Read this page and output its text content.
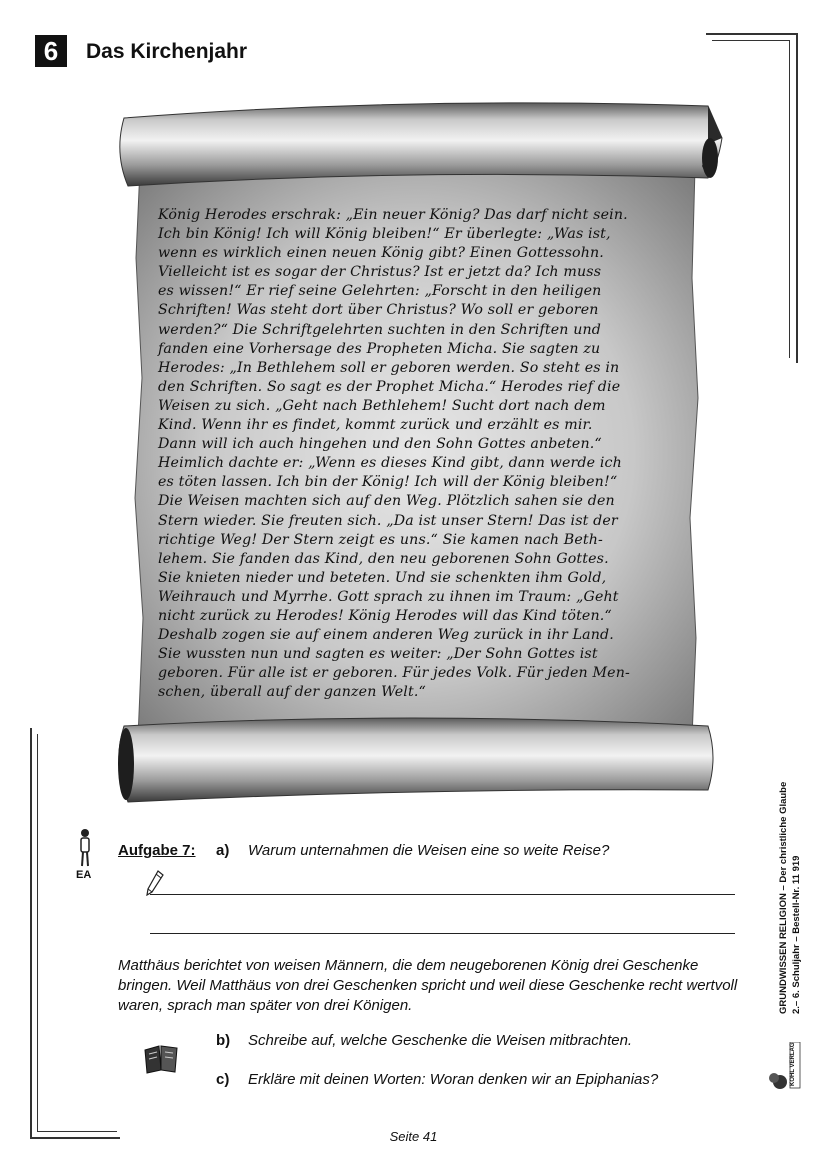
6 Das Kirchenjahr
König Herodes erschrak: „Ein neuer König? Das darf nicht sein.
Ich bin König! Ich will König bleiben!“ Er überlegte: „Was ist,
wenn es wirklich einen neuen König gibt? Einen Gottessohn.
Vielleicht ist es sogar der Christus? Ist er jetzt da? Ich muss
es wissen!“ Er rief seine Gelehrten: „Forscht in den heiligen
Schriften! Was steht dort über Christus? Wo soll er geboren
werden?“ Die Schriftgelehrten suchten in den Schriften und
fanden eine Vorhersage des Propheten Micha. Sie sagten zu
Herodes: „In Bethlehem soll er geboren werden. So steht es in
den Schriften. So sagt es der Prophet Micha.“ Herodes rief die
Weisen zu sich. „Geht nach Bethlehem! Sucht dort nach dem
Kind. Wenn ihr es findet, kommt zurück und erzählt es mir.
Dann will ich auch hingehen und den Sohn Gottes anbeten.“
Heimlich dachte er: „Wenn es dieses Kind gibt, dann werde ich
es töten lassen. Ich bin der König! Ich will der König bleiben!“
Die Weisen machten sich auf den Weg. Plötzlich sahen sie den
Stern wieder. Sie freuten sich. „Da ist unser Stern! Das ist der
richtige Weg! Der Stern zeigt es uns.“ Sie kamen nach Beth-
lehem. Sie fanden das Kind, den neu geborenen Sohn Gottes.
Sie knieten nieder und beteten. Und sie schenkten ihm Gold,
Weihrauch und Myrrhe. Gott sprach zu ihnen im Traum: „Geht
nicht zurück zu Herodes! König Herodes will das Kind töten.“
Deshalb zogen sie auf einem anderen Weg zurück in ihr Land.
Sie wussten nun und sagten es weiter: „Der Sohn Gottes ist
geboren. Für alle ist er geboren. Für jedes Volk. Für jeden Men-
schen, überall auf der ganzen Welt.“
EA
Aufgabe 7: a) Warum unternahmen die Weisen eine so weite Reise?
Matthäus berichtet von weisen Männern, die dem neugeborenen König drei Geschenke bringen. Weil Matthäus von drei Geschenken spricht und weil diese Geschenke recht wertvoll waren, sprach man später von drei Königen.
b) Schreibe auf, welche Geschenke die Weisen mitbrachten.
c) Erkläre mit deinen Worten: Woran denken wir an Epiphanias?
GRUNDWISSEN RELIGION – Der christliche Glaube 2.– 6. Schuljahr – Bestell-Nr. 11 919
KOHL VERLAG
Seite 41
